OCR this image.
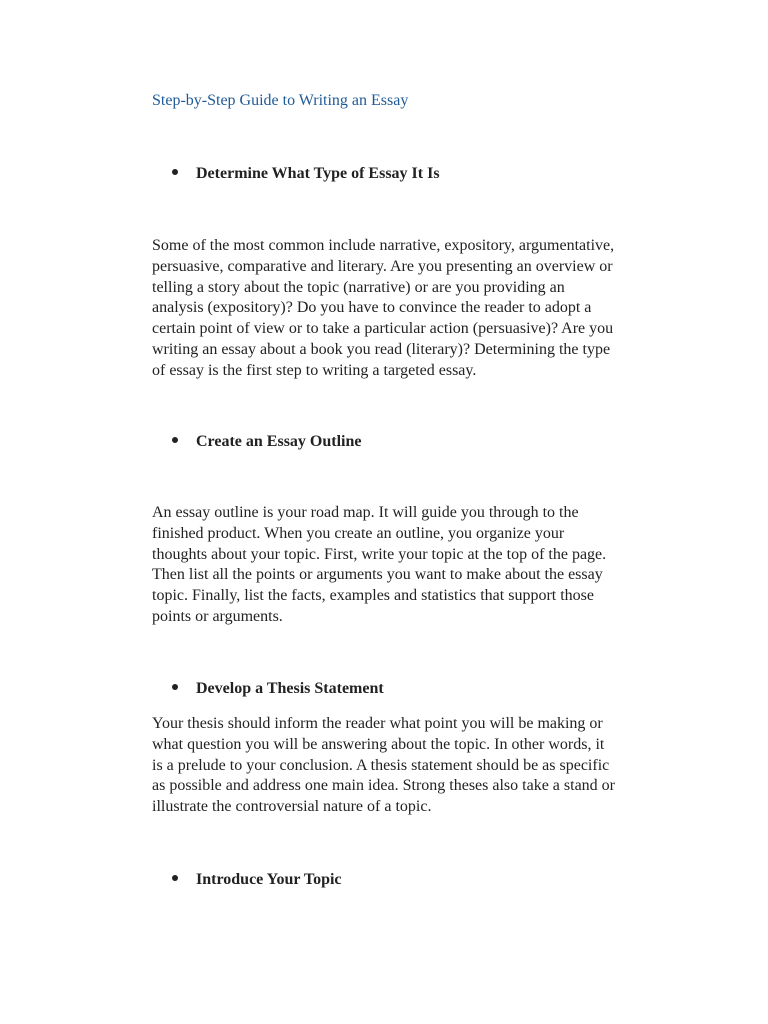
Step-by-Step Guide to Writing an Essay
Determine What Type of Essay It Is
Some of the most common include narrative, expository, argumentative,
persuasive, comparative and literary. Are you presenting an overview or
telling a story about the topic (narrative) or are you providing an
analysis (expository)? Do you have to convince the reader to adopt a
certain point of view or to take a particular action (persuasive)? Are you
writing an essay about a book you read (literary)? Determining the type
of essay is the first step to writing a targeted essay.
Create an Essay Outline
An essay outline is your road map. It will guide you through to the
finished product. When you create an outline, you organize your
thoughts about your topic. First, write your topic at the top of the page.
Then list all the points or arguments you want to make about the essay
topic. Finally, list the facts, examples and statistics that support those
points or arguments.
Develop a Thesis Statement
Your thesis should inform the reader what point you will be making or
what question you will be answering about the topic. In other words, it
is a prelude to your conclusion. A thesis statement should be as specific
as possible and address one main idea. Strong theses also take a stand or
illustrate the controversial nature of a topic.
Introduce Your Topic
